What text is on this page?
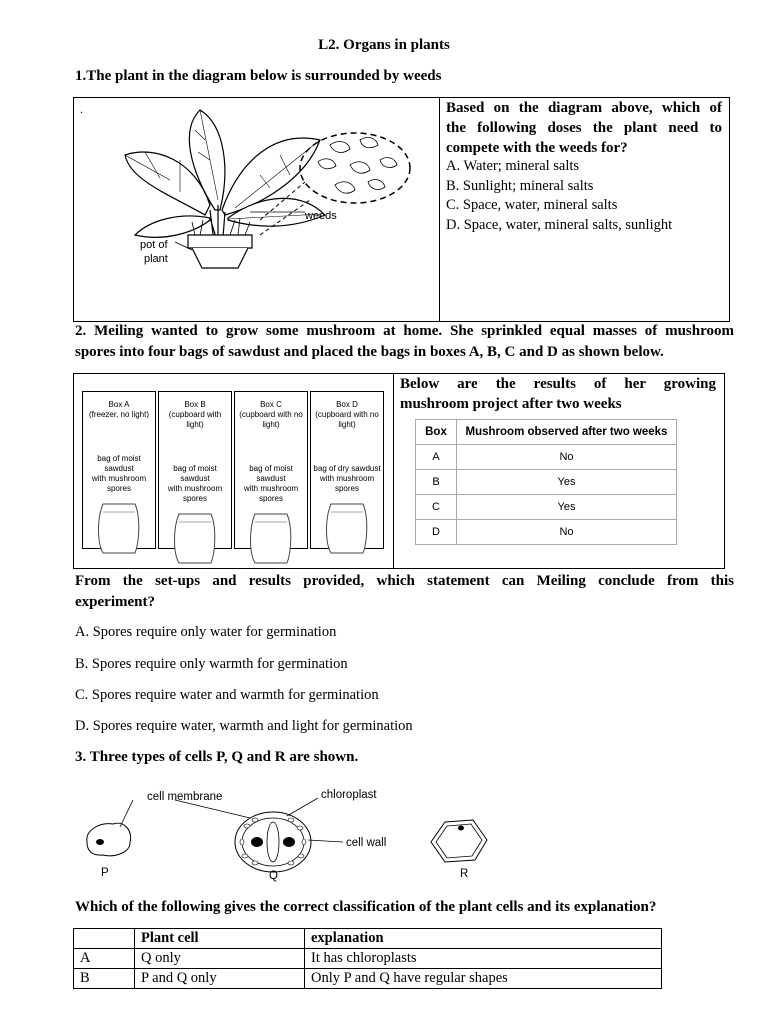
L2. Organs in plants
1.The plant in the diagram below is surrounded by weeds
.
weeds
pot of
plant
Based on the diagram above, which of
the following doses the plant need to
compete with the weeds for?
A. Water; mineral salts
B. Sunlight; mineral salts
C. Space, water, mineral salts
D. Space, water, mineral salts, sunlight
2. Meiling wanted to grow some mushroom at home. She sprinkled equal masses of mushroom
spores into four bags of sawdust and placed the bags in boxes A, B, C and D as shown below.
Box A
(freezer, no light)
bag of moist sawdust
with mushroom spores
Box B
(cupboard with light)
bag of moist sawdust
with mushroom spores
Box C
(cupboard with no light)
bag of moist sawdust
with mushroom spores
Box D
(cupboard with no light)
bag of dry sawdust
with mushroom spores
Below are the results of her growing
mushroom project after two weeks
Box	Mushroom observed after two weeks
A	No
B	Yes
C	Yes
D	No
From the set-ups and results provided, which statement can Meiling conclude from this
experiment?
A. Spores require only water for germination
B. Spores require only warmth for germination
C. Spores require water and warmth for germination
D. Spores require water, warmth and light for germination
3. Three types of cells P, Q and R are shown.
cell membrane	chloroplast
cell wall
P	Q	R
Which of the following gives the correct classification of the plant cells and its explanation?
	Plant cell	explanation
A	Q only	It has chloroplasts
B	P and Q only	Only P and Q have regular shapes
